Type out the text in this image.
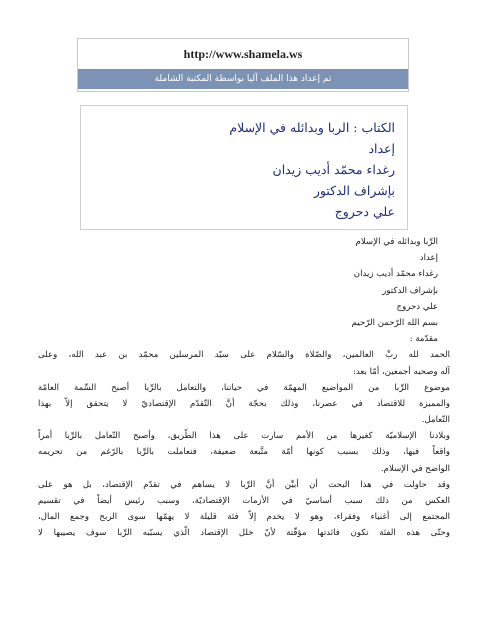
http://www.shamela.ws
تم إعداد هذا الملف آليا بواسطة المكتبة الشاملة
الكتاب : الربا وبدائله في الإسلام
إعداد
رغداء محمّد أديب زيدان
بإشراف الدكتور
علي دحروج
الرِّبا وبدائله في الإسلام
إعداد
رغداء محمّد أديب زيدان
بإشراف الدكتور
علي دحروج
بسم الله الرّحمن الرّحيم
مقدّمة :
الحمد لله ربِّ العالمين، والصّلاة والسّلام على سيّد المرسلين محمّد بن عبد الله، وعلى
آله وصحبه أجمعين، أمّا بعد:
موضوع الرِّبا من المواضيع المهمّة في حياتنا، والتعامل بالرِّبا أصبح السِّمة العامّة
والمميزة للاقتصاد في عصرنا، وذلك بحجّة أنَّ التّقدّم الإقتصاديّ لا يتحقق إلاّ بهذا
التّعامل.
وبلادنا الإسلاميّة كغيرها من الأمم سارت على هذا الطّريق، وأصبح التّعامل بالرِّبا أمراً
واقعاً فيها، وذلك بسبب كونها أمّة متَّبعة ضعيفة، فتعاملت بالرِّبا بالرّغم من تحريمه
الواضح في الإسلام.
وقد حاولت في هذا البحث أن أبيِّن أنَّ الرِّبا لا يساهم في تقدّم الإقتصاد، بل هو على
العكس من ذلك سبب أساسيّ في الأزمات الإقتصاديّة، وسبب رئيس أيضاً في تقسيم
المجتمع إلى أغنياء وفقراء، وهو لا يخدم إلاّ فئة قليلة لا يهمّها سوى الربح وجمع المال،
وحتّى هذه الفئة تكون فائدتها مؤقّتة لأنّ خلل الإقتصاد الّذي يسبّبه الرِّبا سوف يصيبها لا
